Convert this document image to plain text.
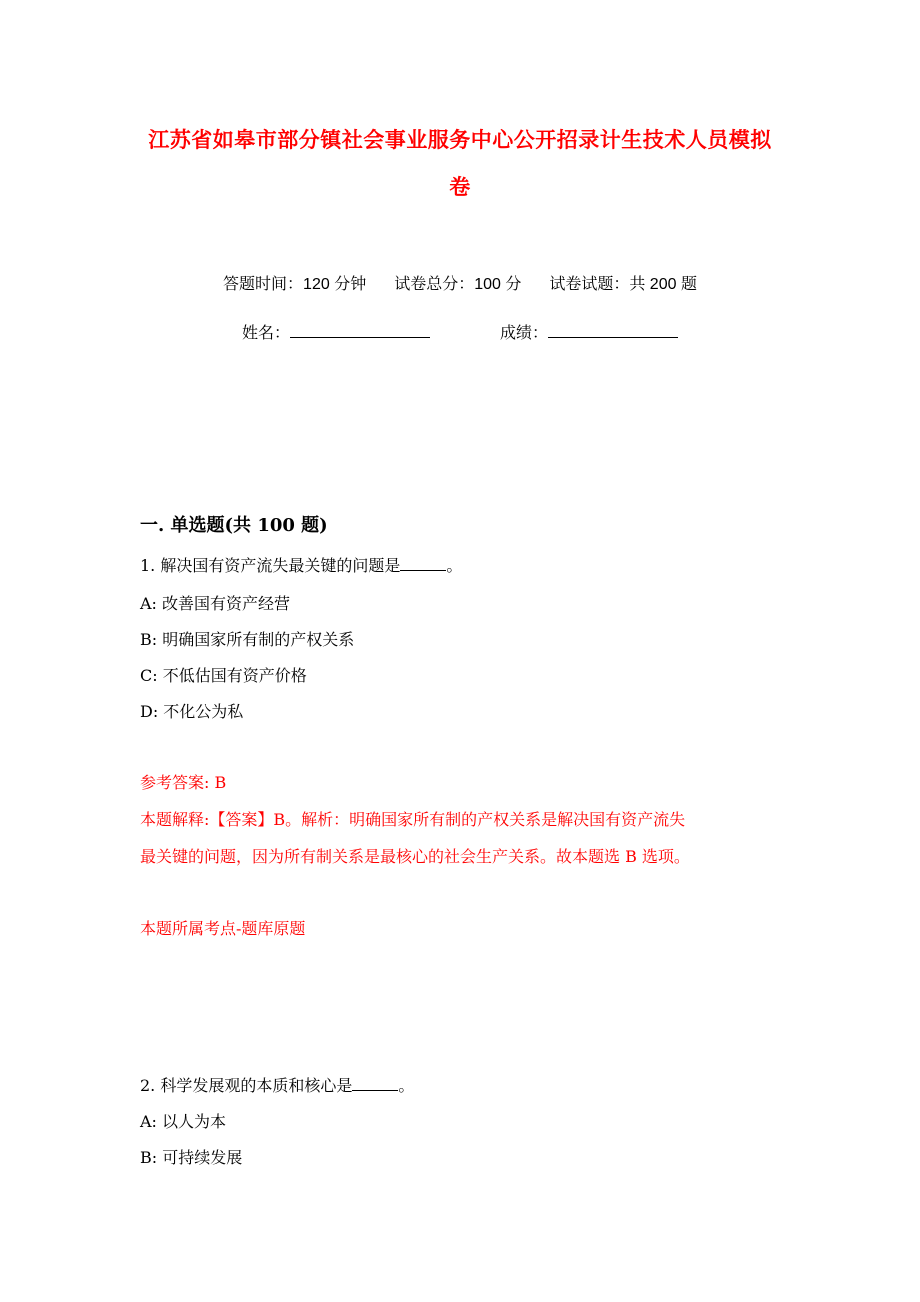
江苏省如皋市部分镇社会事业服务中心公开招录计生技术人员模拟
卷
答题时间：120 分钟 试卷总分：100 分 试卷试题：共 200 题
姓名：	成绩：
一. 单选题(共 100 题)
1. 解决国有资产流失最关键的问题是	。
A: 改善国有资产经营
B: 明确国家所有制的产权关系
C: 不低估国有资产价格
D: 不化公为私
参考答案: B
本题解释:【答案】B。解析：明确国家所有制的产权关系是解决国有资产流失
最关键的问题，因为所有制关系是最核心的社会生产关系。故本题选 B 选项。
本题所属考点-题库原题
2. 科学发展观的本质和核心是	。
A: 以人为本
B: 可持续发展
